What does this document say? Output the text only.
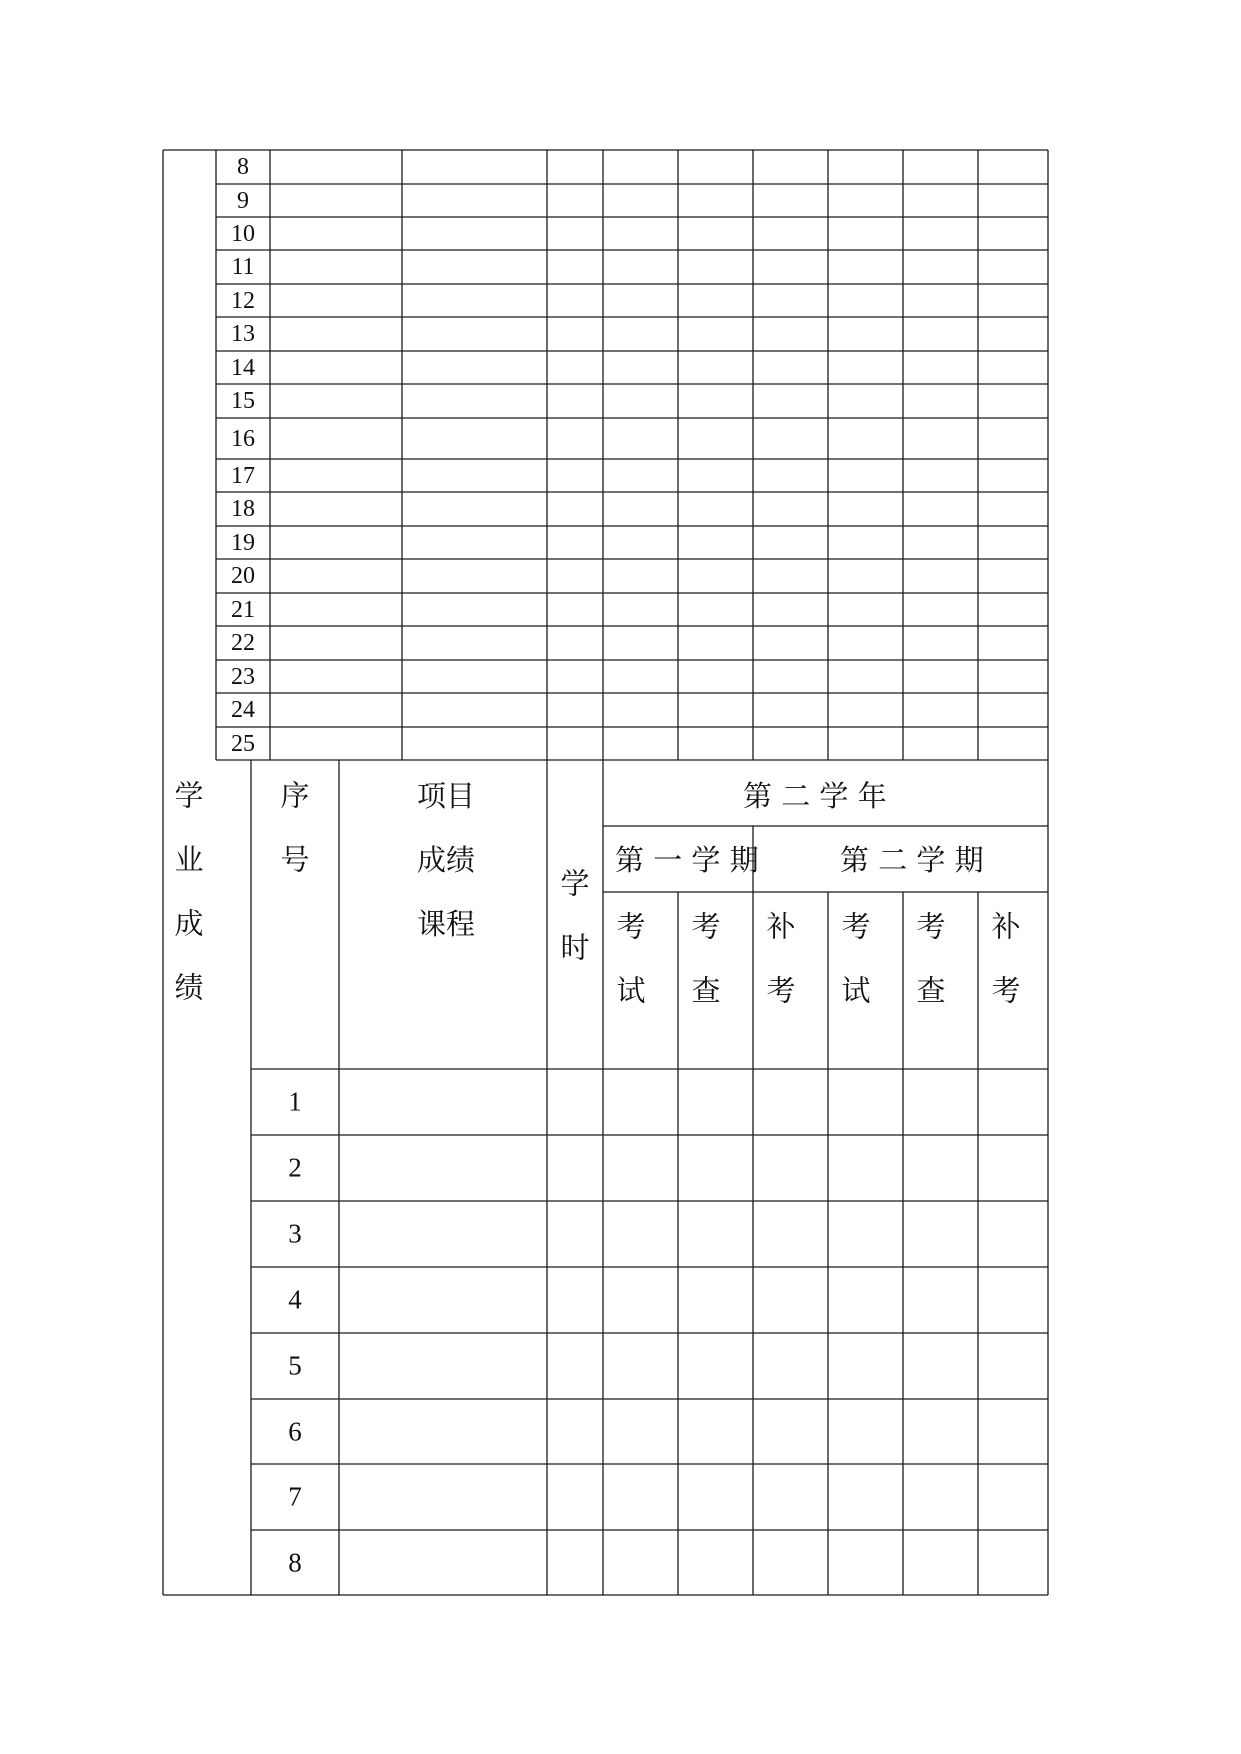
8
9
10
11
12
13
14
15
16
17
18
19
20
21
22
23
24
25
学
业
成
绩
序
号
项目
成绩
课程
学
时
第 二 学 年
第 一 学 期	第 二 学 期
考
试
考
查
补
考
考
试
考
查
补
考
1
2
3
4
5
6
7
8
